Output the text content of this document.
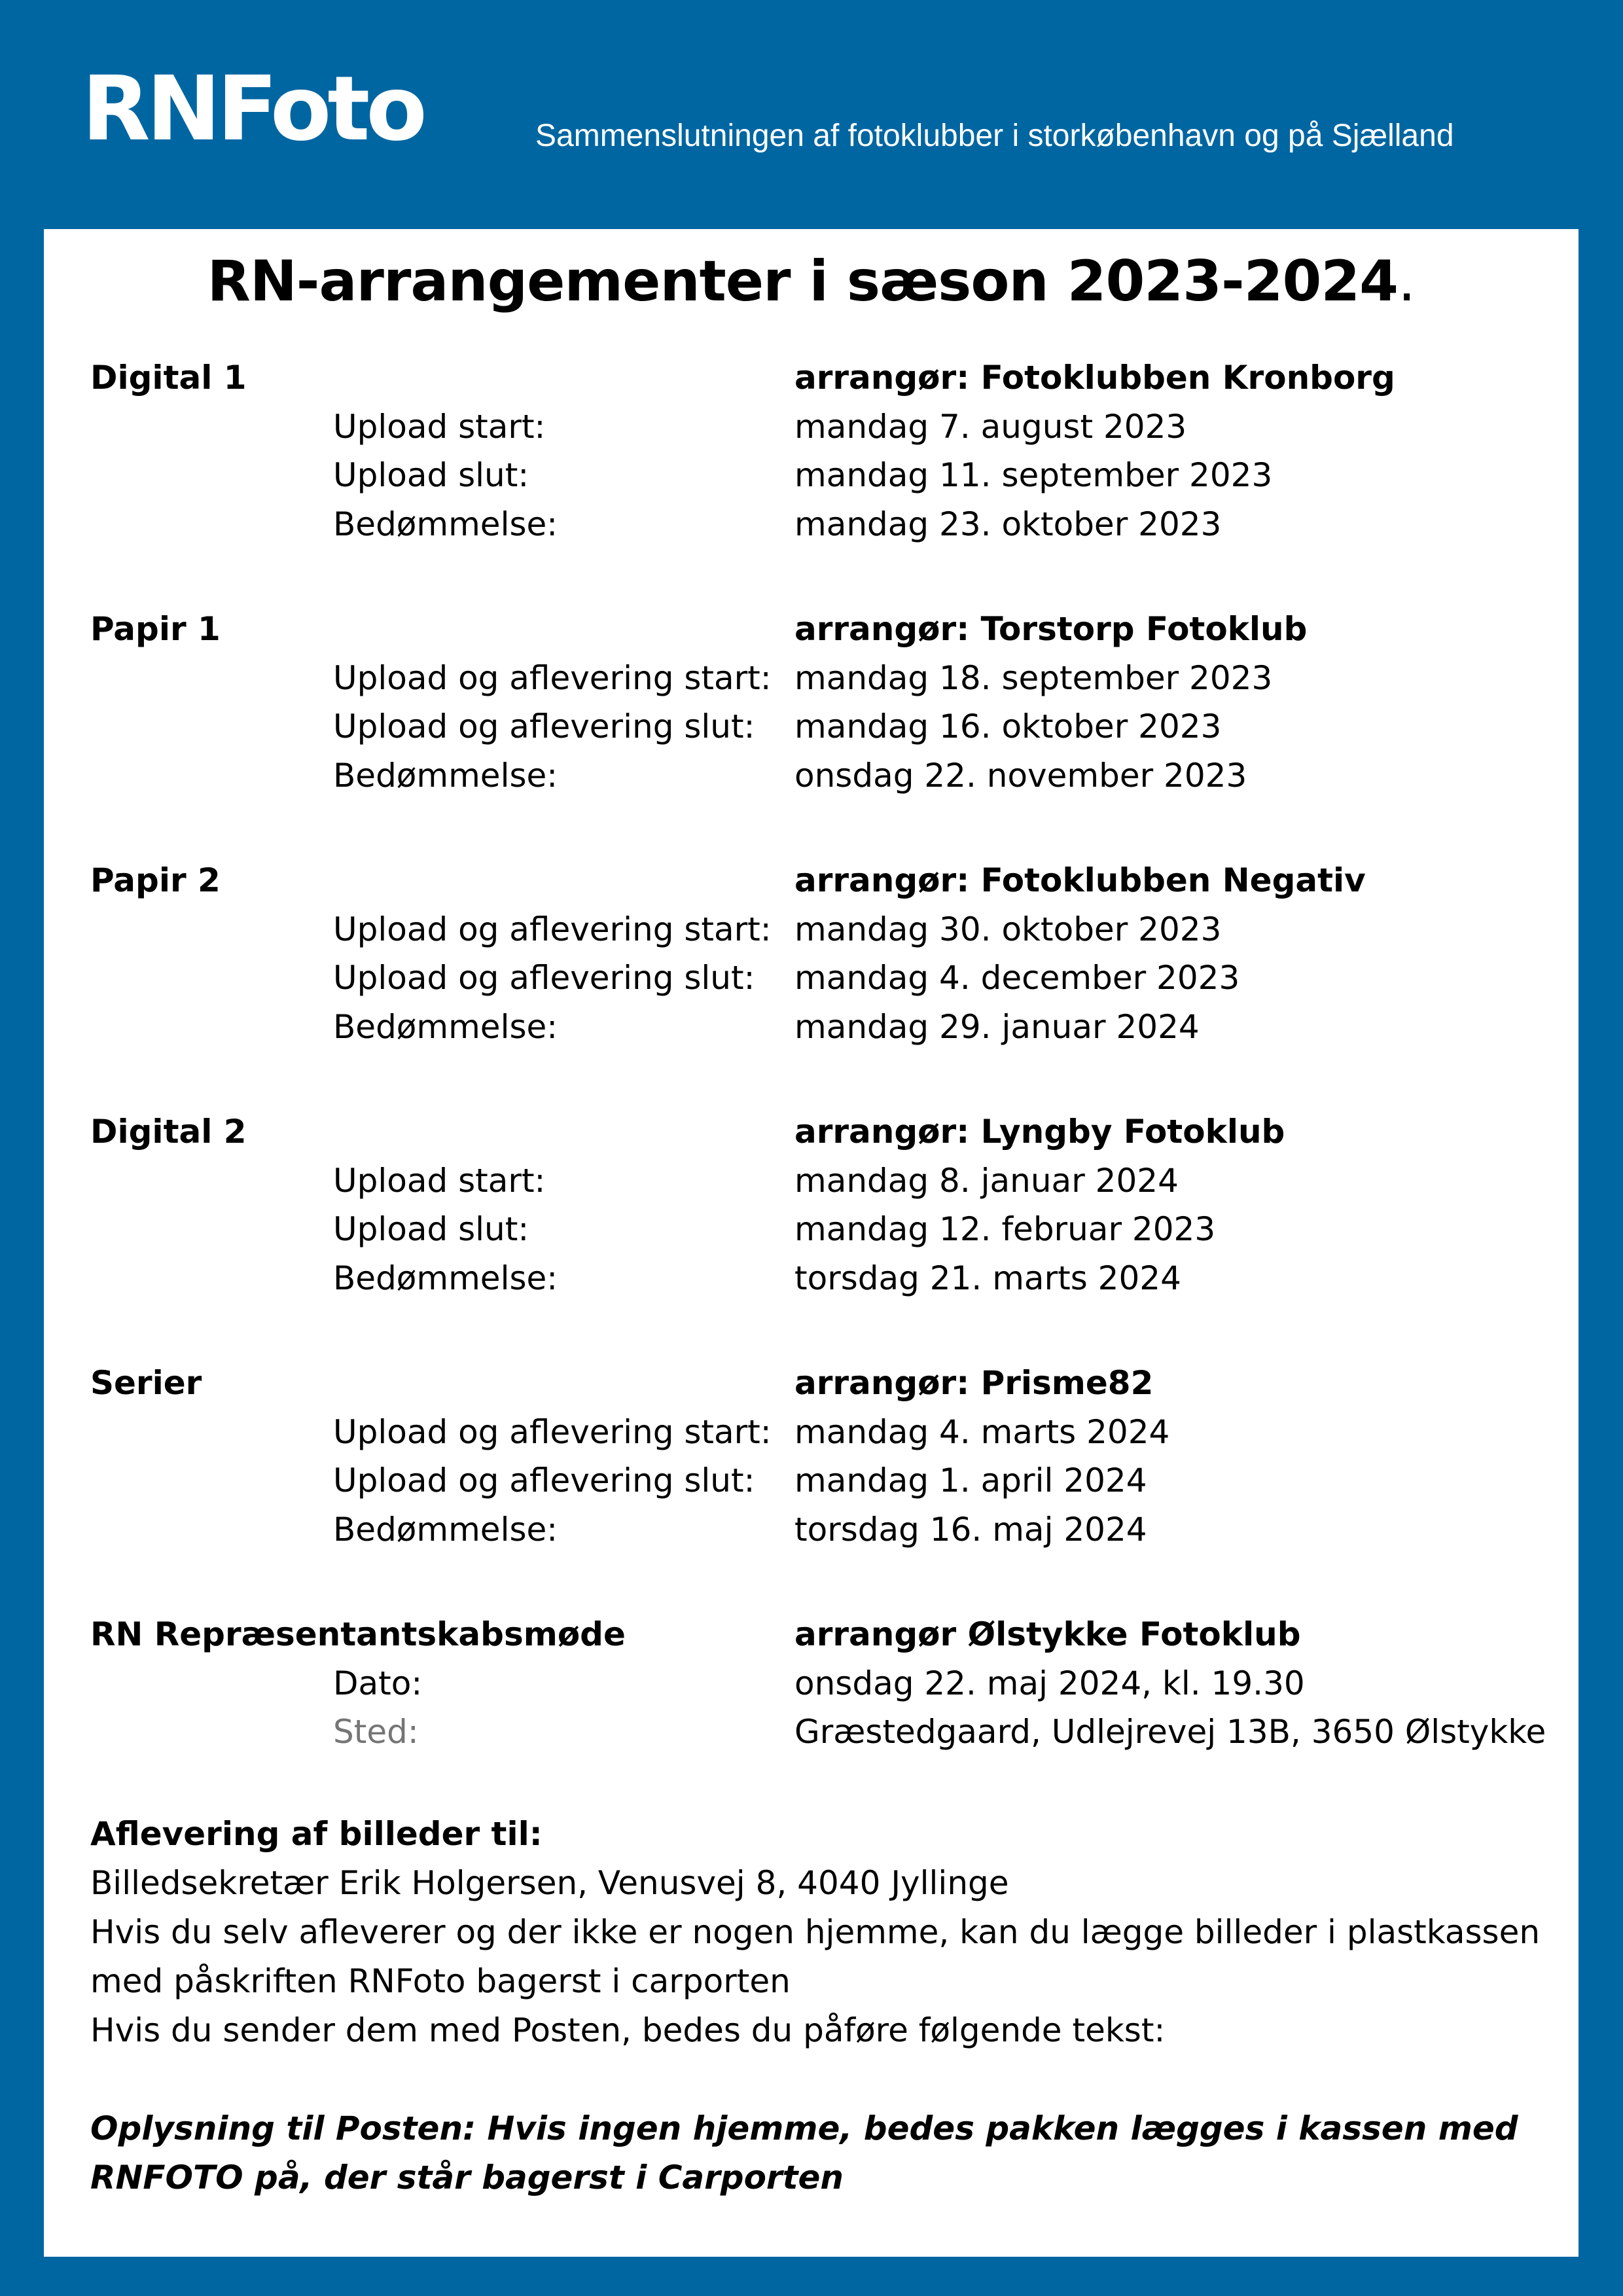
RNFoto	Sammenslutningen af fotoklubber i storkøbenhavn og på Sjælland
RN-arrangementer i sæson 2023-2024.
Digital 1	arrangør: Fotoklubben Kronborg
Upload start:	mandag 7. august 2023
Upload slut:	mandag 11. september 2023
Bedømmelse:	mandag 23. oktober 2023
Papir 1	arrangør: Torstorp Fotoklub
Upload og aflevering start: mandag 18. september 2023
Upload og aflevering slut:	mandag 16. oktober 2023
Bedømmelse:	onsdag 22. november 2023
Papir 2	arrangør: Fotoklubben Negativ
Upload og aflevering start: mandag 30. oktober 2023
Upload og aflevering slut:	mandag 4. december 2023
Bedømmelse:	mandag 29. januar 2024
Digital 2	arrangør: Lyngby Fotoklub
Upload start:	mandag 8. januar 2024
Upload slut:	mandag 12. februar 2023
Bedømmelse:	torsdag 21. marts 2024
Serier	arrangør: Prisme82
Upload og aflevering start: mandag 4. marts 2024
Upload og aflevering slut:	mandag 1. april 2024
Bedømmelse:	torsdag 16. maj 2024
RN Repræsentantskabsmøde	arrangør Ølstykke Fotoklub
Dato:	onsdag 22. maj 2024, kl. 19.30
Sted:	Græstedgaard, Udlejrevej 13B, 3650 Ølstykke

Aflevering af billeder til:

Billedsekretær Erik Holgersen, Venusvej 8, 4040 Jyllinge

Hvis du selv afleverer og der ikke er nogen hjemme, kan du lægge billeder i plastkassen med påskriften RNFoto bagerst i carporten

Hvis du sender dem med Posten, bedes du påføre følgende tekst:

Oplysning til Posten: Hvis ingen hjemme, bedes pakken lægges i kassen med RNFOTO på, der står bagerst i Carporten
